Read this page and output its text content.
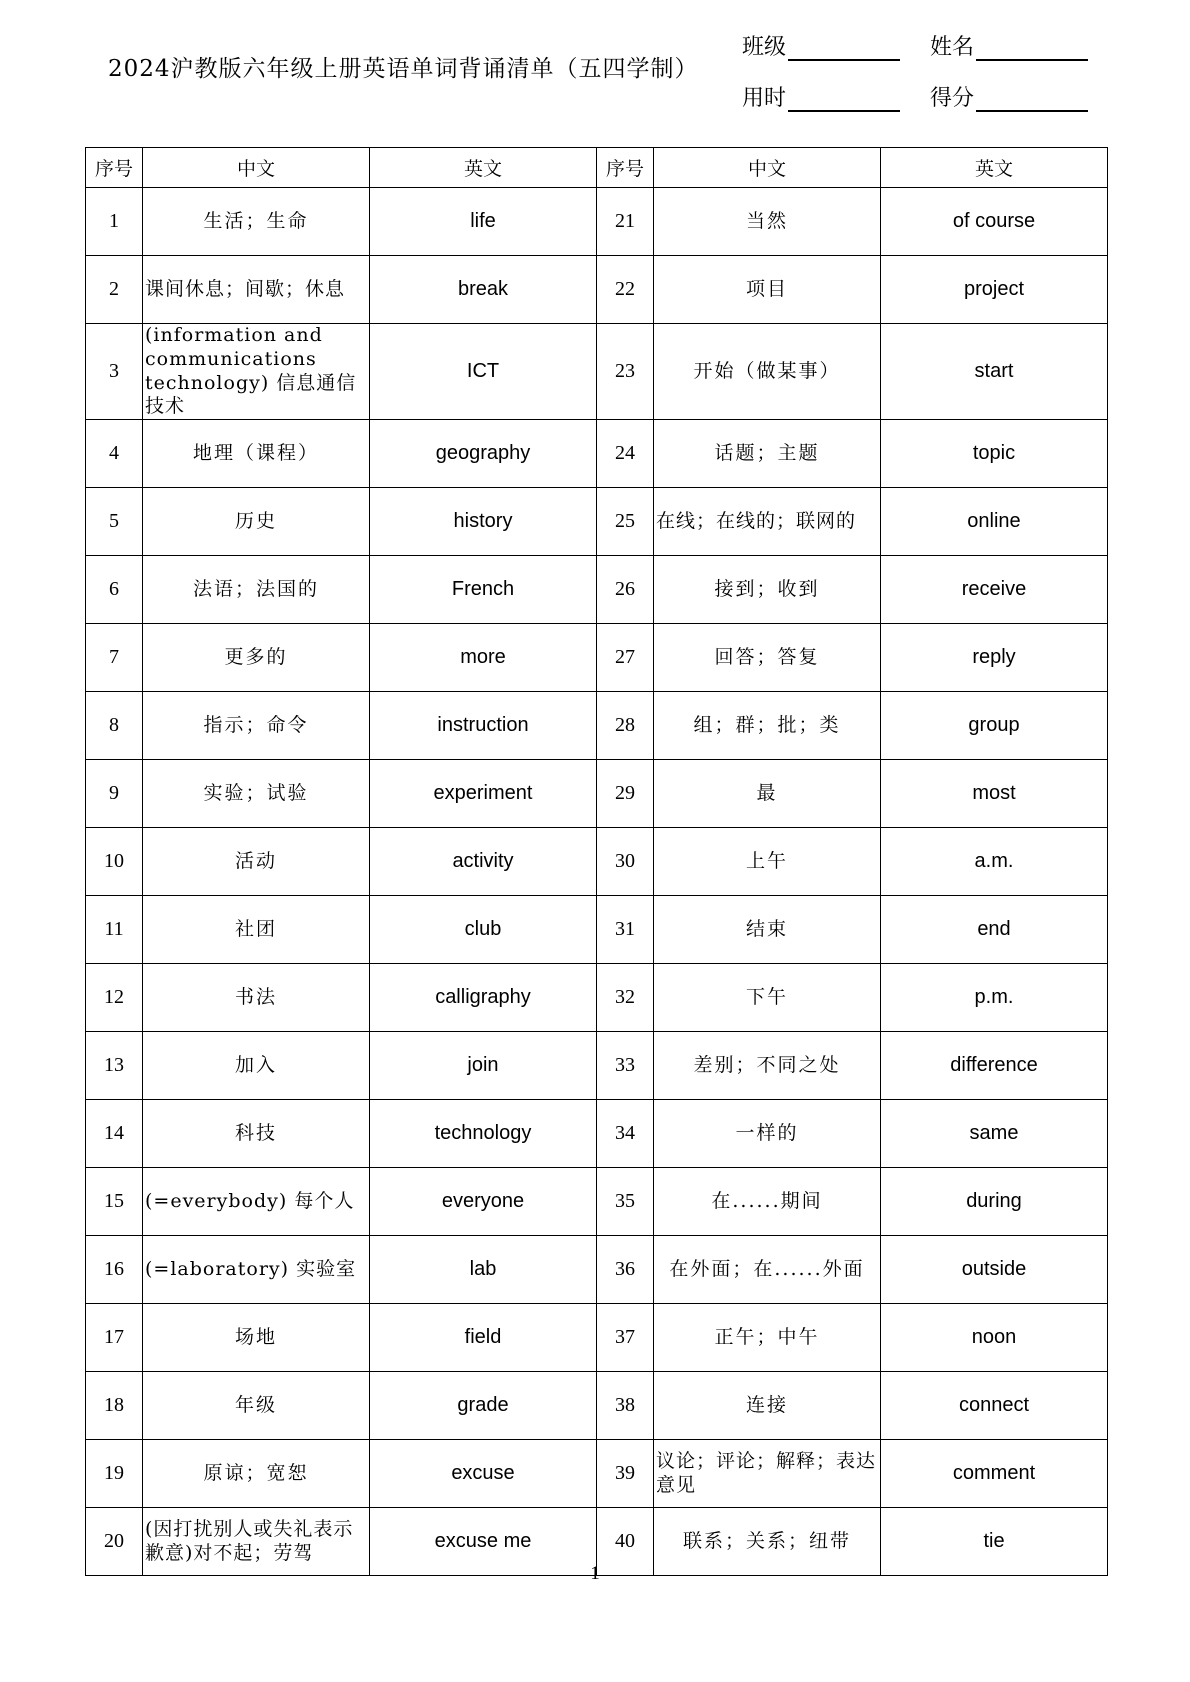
2024沪教版六年级上册英语单词背诵清单（五四学制）
班级	姓名
用时	得分
序号	中文	英文	序号	中文	英文
1	生活；生命	life	21	当然	of course
2	课间休息；间歇；休息	break	22	项目	project
3	(information and communications technology) 信息通信技术	ICT	23	开始（做某事）	start
4	地理（课程）	geography	24	话题；主题	topic
5	历史	history	25	在线；在线的；联网的	online
6	法语；法国的	French	26	接到；收到	receive
7	更多的	more	27	回答；答复	reply
8	指示；命令	instruction	28	组；群；批；类	group
9	实验；试验	experiment	29	最	most
10	活动	activity	30	上午	a.m.
11	社团	club	31	结束	end
12	书法	calligraphy	32	下午	p.m.
13	加入	join	33	差别；不同之处	difference
14	科技	technology	34	一样的	same
15	(=everybody) 每个人	everyone	35	在......期间	during
16	(=laboratory) 实验室	lab	36	在外面；在......外面	outside
17	场地	field	37	正午；中午	noon
18	年级	grade	38	连接	connect
19	原谅；宽恕	excuse	39	议论；评论；解释；表达意见	comment
20	(因打扰别人或失礼表示歉意)对不起；劳驾	excuse me	40	联系；关系；纽带	tie
1
